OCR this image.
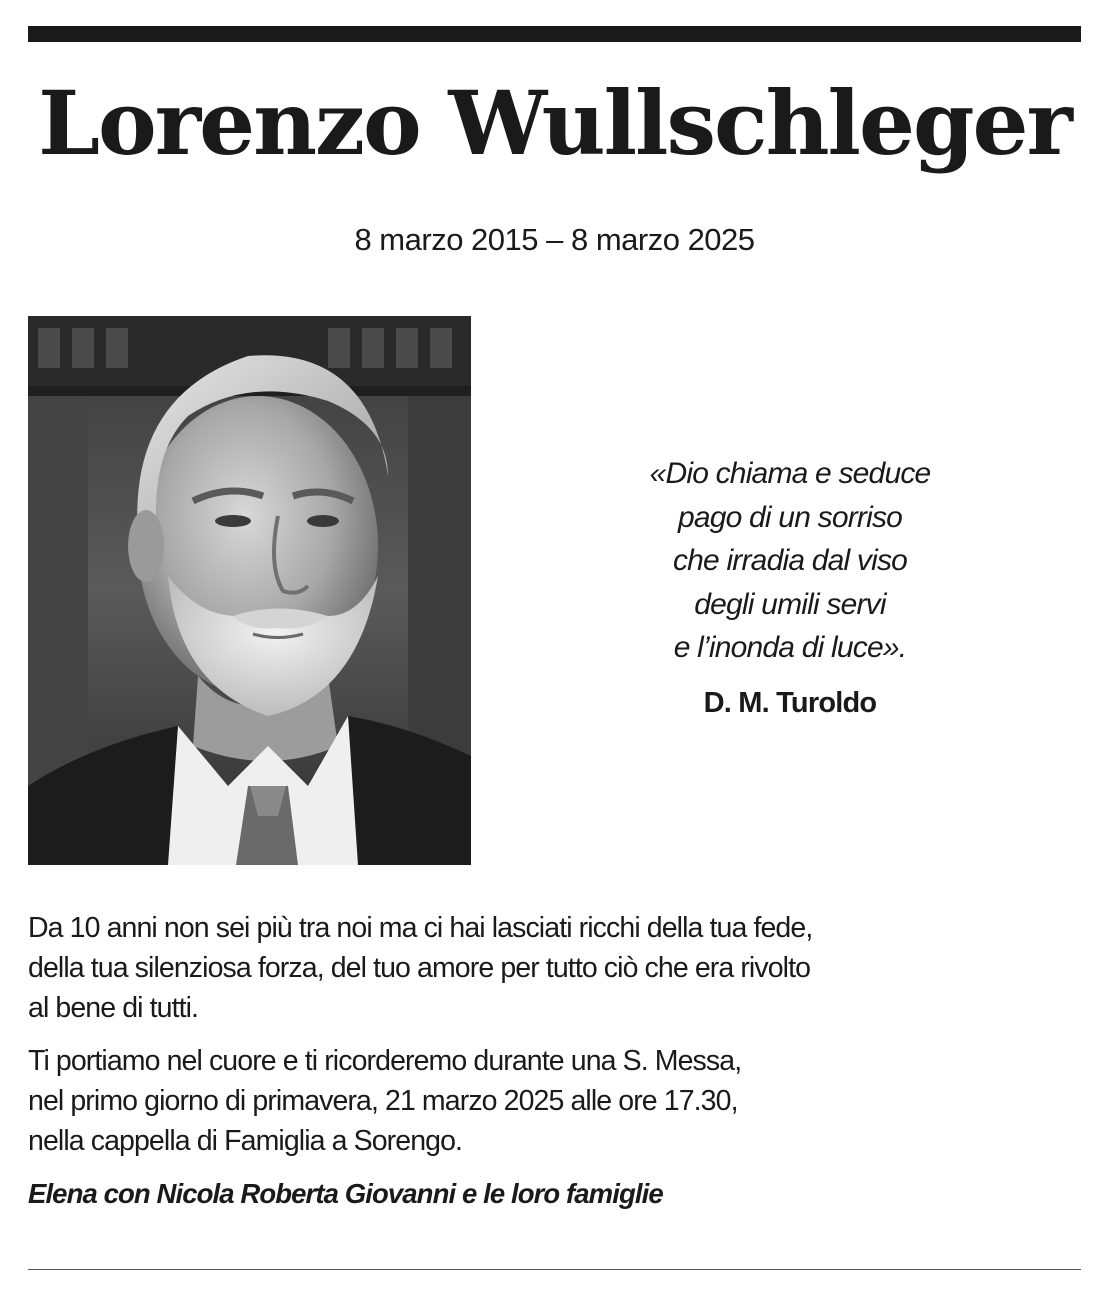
Lorenzo Wullschleger
8 marzo 2015 – 8 marzo 2025
«Dio chiama e seduce
pago di un sorriso
che irradia dal viso
degli umili servi
e l’inonda di luce».
D. M. Turoldo
Da 10 anni non sei più tra noi ma ci hai lasciati ricchi della tua fede,
della tua silenziosa forza, del tuo amore per tutto ciò che era rivolto
al bene di tutti.
Ti portiamo nel cuore e ti ricorderemo durante una S. Messa,
nel primo giorno di primavera, 21 marzo 2025 alle ore 17.30,
nella cappella di Famiglia a Sorengo.
Elena con Nicola Roberta Giovanni e le loro famiglie
